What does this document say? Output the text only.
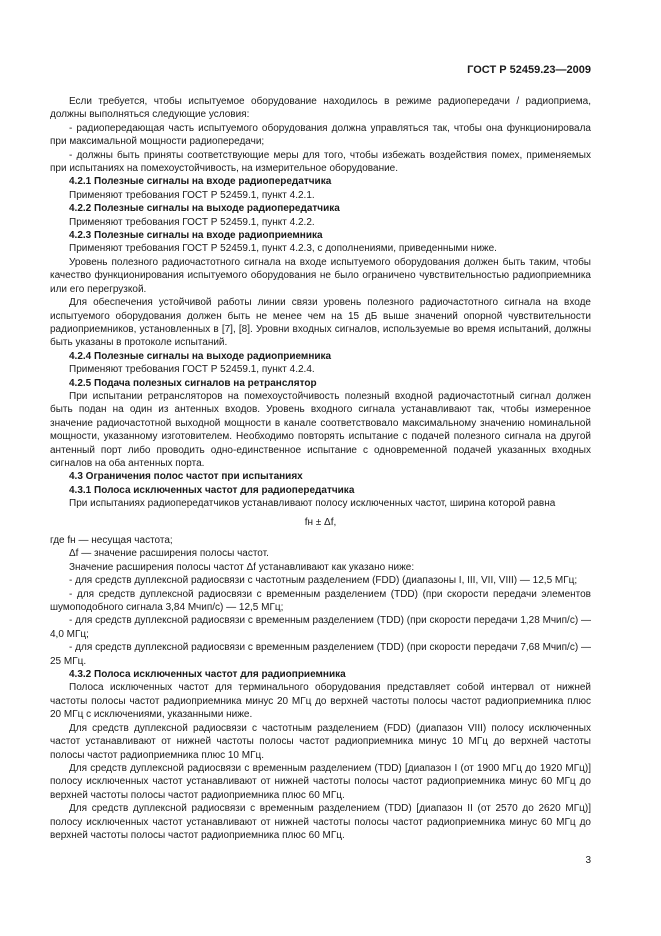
ГОСТ Р 52459.23—2009

Если требуется, чтобы испытуемое оборудование находилось в режиме радиопередачи / радиоприема, должны выполняться следующие условия:

- радиопередающая часть испытуемого оборудования должна управляться так, чтобы она функционировала при максимальной мощности радиопередачи;

- должны быть приняты соответствующие меры для того, чтобы избежать воздействия помех, применяемых при испытаниях на помехоустойчивость, на измерительное оборудование.

4.2.1 Полезные сигналы на входе радиопередатчика

Применяют требования ГОСТ Р 52459.1, пункт 4.2.1.

4.2.2 Полезные сигналы на выходе радиопередатчика

Применяют требования ГОСТ Р 52459.1, пункт 4.2.2.

4.2.3 Полезные сигналы на входе радиоприемника

Применяют требования ГОСТ Р 52459.1, пункт 4.2.3, с дополнениями, приведенными ниже.

Уровень полезного радиочастотного сигнала на входе испытуемого оборудования должен быть таким, чтобы качество функционирования испытуемого оборудования не было ограничено чувствительностью радиоприемника или его перегрузкой.

Для обеспечения устойчивой работы линии связи уровень полезного радиочастотного сигнала на входе испытуемого оборудования должен быть не менее чем на 15 дБ выше значений опорной чувствительности радиоприемников, установленных в [7], [8]. Уровни входных сигналов, используемые во время испытаний, должны быть указаны в протоколе испытаний.

4.2.4 Полезные сигналы на выходе радиоприемника

Применяют требования ГОСТ Р 52459.1, пункт 4.2.4.

4.2.5 Подача полезных сигналов на ретранслятор

При испытании ретрансляторов на помехоустойчивость полезный входной радиочастотный сигнал должен быть подан на один из антенных входов. Уровень входного сигнала устанавливают так, чтобы измеренное значение радиочастотной выходной мощности в канале соответствовало максимальному значению номинальной мощности, указанному изготовителем. Необходимо повторять испытание с подачей полезного сигнала на другой антенный порт либо проводить одно-единственное испытание с одновременной подачей указанных входных сигналов на оба антенных порта.

4.3 Ограничения полос частот при испытаниях

4.3.1 Полоса исключенных частот для радиопередатчика

При испытаниях радиопередатчиков устанавливают полосу исключенных частот, ширина которой равна

fн ± Δf,

где fн — несущая частота;

Δf — значение расширения полосы частот.

Значение расширения полосы частот Δf устанавливают как указано ниже:

- для средств дуплексной радиосвязи с частотным разделением (FDD) (диапазоны I, III, VII, VIII) — 12,5 МГц;

- для средств дуплексной радиосвязи с временным разделением (TDD) (при скорости передачи элементов шумоподобного сигнала 3,84 Мчип/с) — 12,5 МГц;

- для средств дуплексной радиосвязи с временным разделением (TDD) (при скорости передачи 1,28 Мчип/с) — 4,0 МГц;

- для средств дуплексной радиосвязи с временным разделением (TDD) (при скорости передачи 7,68 Мчип/с) — 25 МГц.

4.3.2 Полоса исключенных частот для радиоприемника

Полоса исключенных частот для терминального оборудования представляет собой интервал от нижней частоты полосы частот радиоприемника минус 20 МГц до верхней частоты полосы частот радиоприемника плюс 20 МГц с исключениями, указанными ниже.

Для средств дуплексной радиосвязи с частотным разделением (FDD) (диапазон VIII) полосу исключенных частот устанавливают от нижней частоты полосы частот радиоприемника минус 10 МГц до верхней частоты полосы частот радиоприемника плюс 10 МГц.

Для средств дуплексной радиосвязи с временным разделением (TDD) [диапазон I (от 1900 МГц до 1920 МГц)] полосу исключенных частот устанавливают от нижней частоты полосы частот радиоприемника минус 60 МГц до верхней частоты полосы частот радиоприемника плюс 60 МГц.

Для средств дуплексной радиосвязи с временным разделением (TDD) [диапазон II (от 2570 до 2620 МГц)] полосу исключенных частот устанавливают от нижней частоты полосы частот радиоприемника минус 60 МГц до верхней частоты полосы частот радиоприемника плюс 60 МГц.

3
